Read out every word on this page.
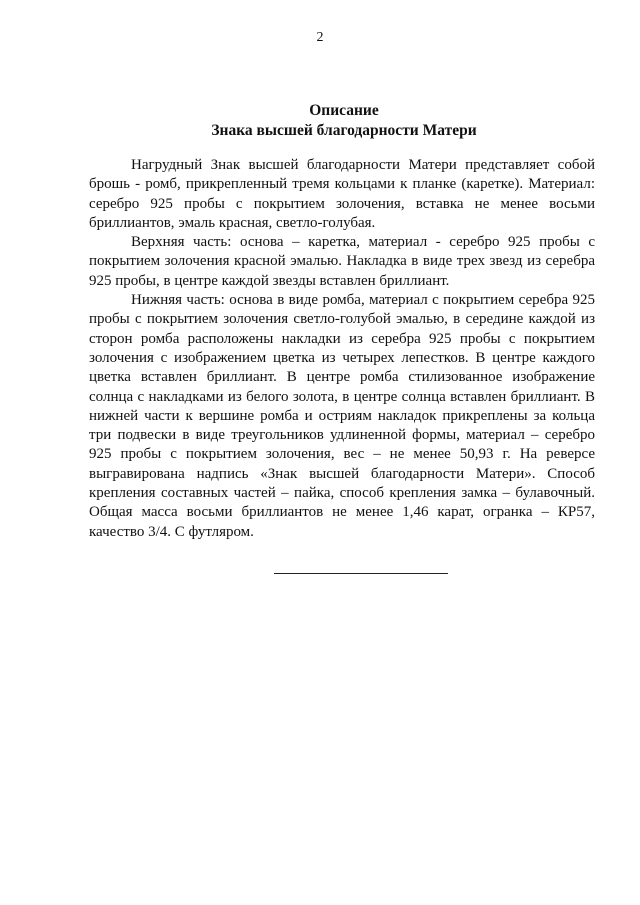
2
Описание
Знака высшей благодарности Матери

Нагрудный Знак высшей благодарности Матери представляет собой брошь - ромб, прикрепленный тремя кольцами к планке (каретке). Материал: серебро 925 пробы с покрытием золочения, вставка не менее восьми бриллиантов, эмаль красная, светло-голубая.

Верхняя часть: основа – каретка, материал - серебро 925 пробы с покрытием золочения красной эмалью. Накладка в виде трех звезд из серебра 925 пробы, в центре каждой звезды вставлен бриллиант.

Нижняя часть: основа в виде ромба, материал с покрытием серебра 925 пробы с покрытием золочения светло-голубой эмалью, в середине каждой из сторон ромба расположены накладки из серебра 925 пробы с покрытием золочения с изображением цветка из четырех лепестков. В центре каждого цветка вставлен бриллиант. В центре ромба стилизованное изображение солнца с накладками из белого золота, в центре солнца вставлен бриллиант. В нижней части к вершине ромба и остриям накладок прикреплены за кольца три подвески в виде треугольников удлиненной формы, материал – серебро 925 пробы с покрытием золочения, вес – не менее 50,93 г. На реверсе выгравирована надпись «Знак высшей благодарности Матери». Способ крепления составных частей – пайка, способ крепления замка – булавочный. Общая масса восьми бриллиантов не менее 1,46 карат, огранка – КР57, качество 3/4. С футляром.
